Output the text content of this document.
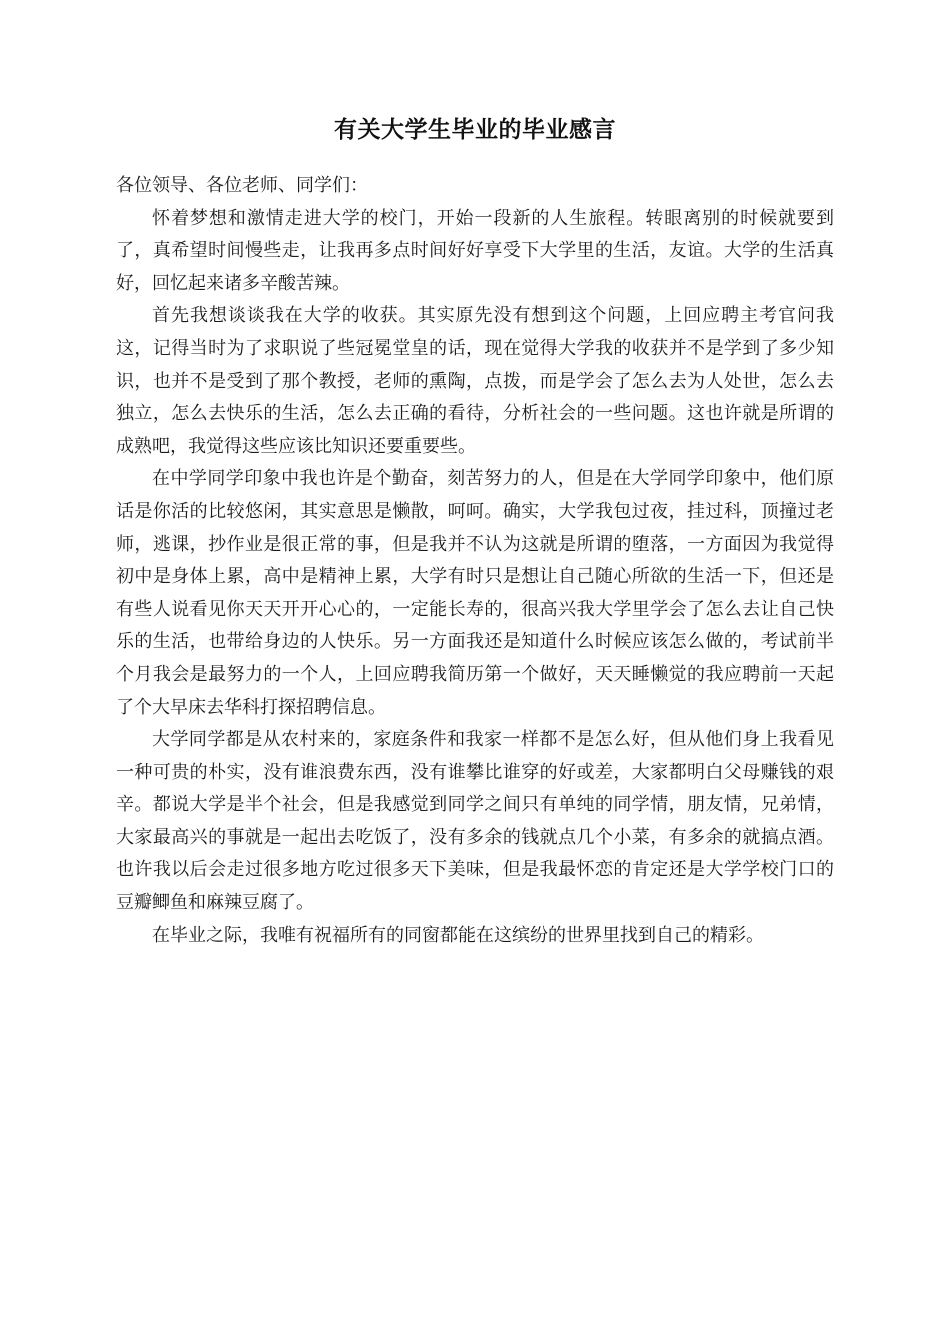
有关大学生毕业的毕业感言

各位领导、各位老师、同学们：

怀着梦想和激情走进大学的校门，开始一段新的人生旅程。转眼离别的时候就要到了，真希望时间慢些走，让我再多点时间好好享受下大学里的生活，友谊。大学的生活真好，回忆起来诸多辛酸苦辣。

首先我想谈谈我在大学的收获。其实原先没有想到这个问题，上回应聘主考官问我这，记得当时为了求职说了些冠冕堂皇的话，现在觉得大学我的收获并不是学到了多少知识，也并不是受到了那个教授，老师的熏陶，点拨，而是学会了怎么去为人处世，怎么去独立，怎么去快乐的生活，怎么去正确的看待，分析社会的一些问题。这也许就是所谓的成熟吧，我觉得这些应该比知识还要重要些。

在中学同学印象中我也许是个勤奋，刻苦努力的人，但是在大学同学印象中，他们原话是你活的比较悠闲，其实意思是懒散，呵呵。确实，大学我包过夜，挂过科，顶撞过老师，逃课，抄作业是很正常的事，但是我并不认为这就是所谓的堕落，一方面因为我觉得初中是身体上累，高中是精神上累，大学有时只是想让自己随心所欲的生活一下，但还是有些人说看见你天天开开心心的，一定能长寿的，很高兴我大学里学会了怎么去让自己快乐的生活，也带给身边的人快乐。另一方面我还是知道什么时候应该怎么做的，考试前半个月我会是最努力的一个人，上回应聘我简历第一个做好，天天睡懒觉的我应聘前一天起了个大早床去华科打探招聘信息。

大学同学都是从农村来的，家庭条件和我家一样都不是怎么好，但从他们身上我看见一种可贵的朴实，没有谁浪费东西，没有谁攀比谁穿的好或差，大家都明白父母赚钱的艰辛。都说大学是半个社会，但是我感觉到同学之间只有单纯的同学情，朋友情，兄弟情，大家最高兴的事就是一起出去吃饭了，没有多余的钱就点几个小菜，有多余的就搞点酒。也许我以后会走过很多地方吃过很多天下美味，但是我最怀恋的肯定还是大学学校门口的豆瓣鲫鱼和麻辣豆腐了。

在毕业之际，我唯有祝福所有的同窗都能在这缤纷的世界里找到自己的精彩。
